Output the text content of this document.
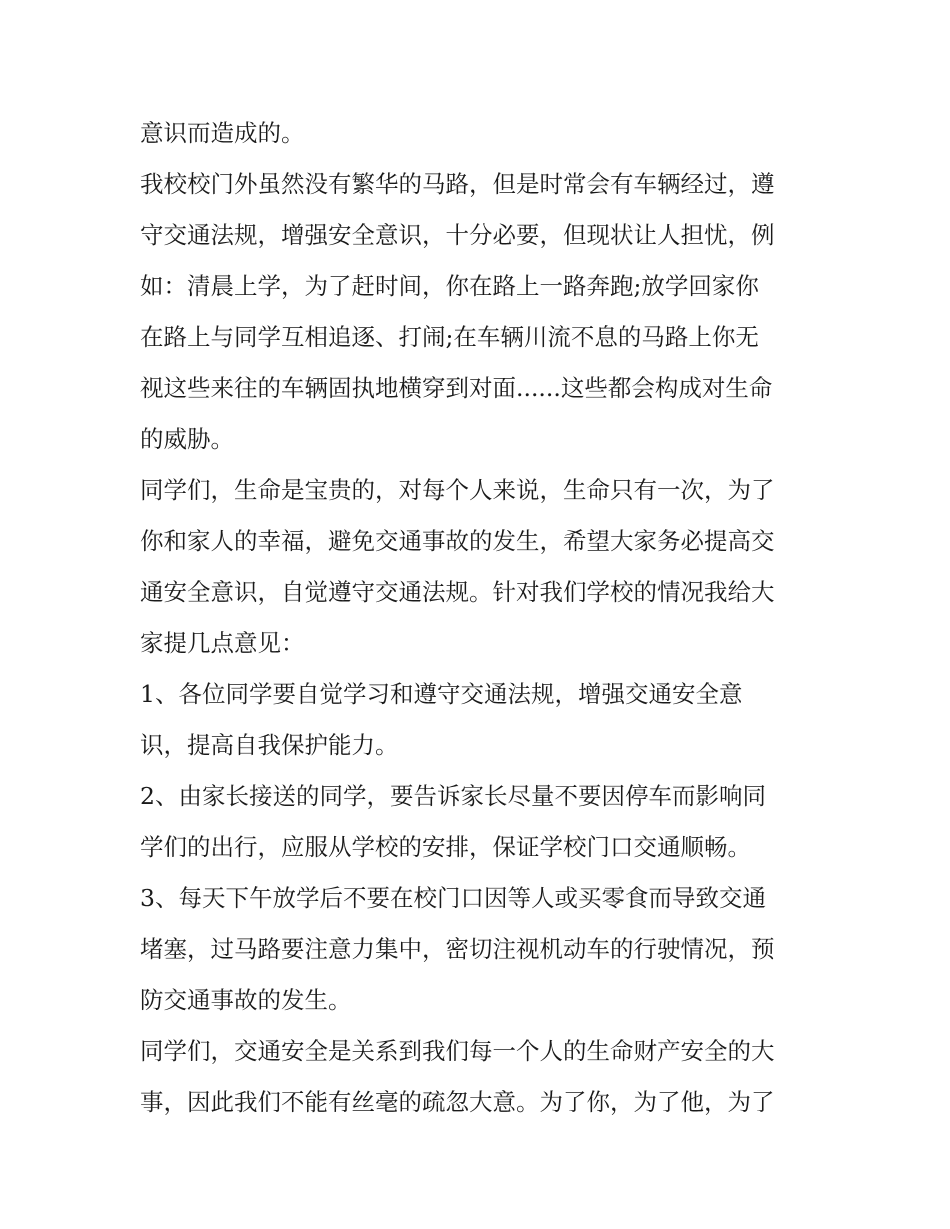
意识而造成的。
我校校门外虽然没有繁华的马路，但是时常会有车辆经过，遵
守交通法规，增强安全意识，十分必要，但现状让人担忧，例
如：清晨上学，为了赶时间，你在路上一路奔跑;放学回家你
在路上与同学互相追逐、打闹;在车辆川流不息的马路上你无
视这些来往的车辆固执地横穿到对面......这些都会构成对生命
的威胁。
同学们，生命是宝贵的，对每个人来说，生命只有一次，为了
你和家人的幸福，避免交通事故的发生，希望大家务必提高交
通安全意识，自觉遵守交通法规。针对我们学校的情况我给大
家提几点意见：
1、各位同学要自觉学习和遵守交通法规，增强交通安全意
识，提高自我保护能力。
2、由家长接送的同学，要告诉家长尽量不要因停车而影响同
学们的出行，应服从学校的安排，保证学校门口交通顺畅。
3、每天下午放学后不要在校门口因等人或买零食而导致交通
堵塞，过马路要注意力集中，密切注视机动车的行驶情况，预
防交通事故的发生。
同学们，交通安全是关系到我们每一个人的生命财产安全的大
事，因此我们不能有丝毫的疏忽大意。为了你，为了他，为了
